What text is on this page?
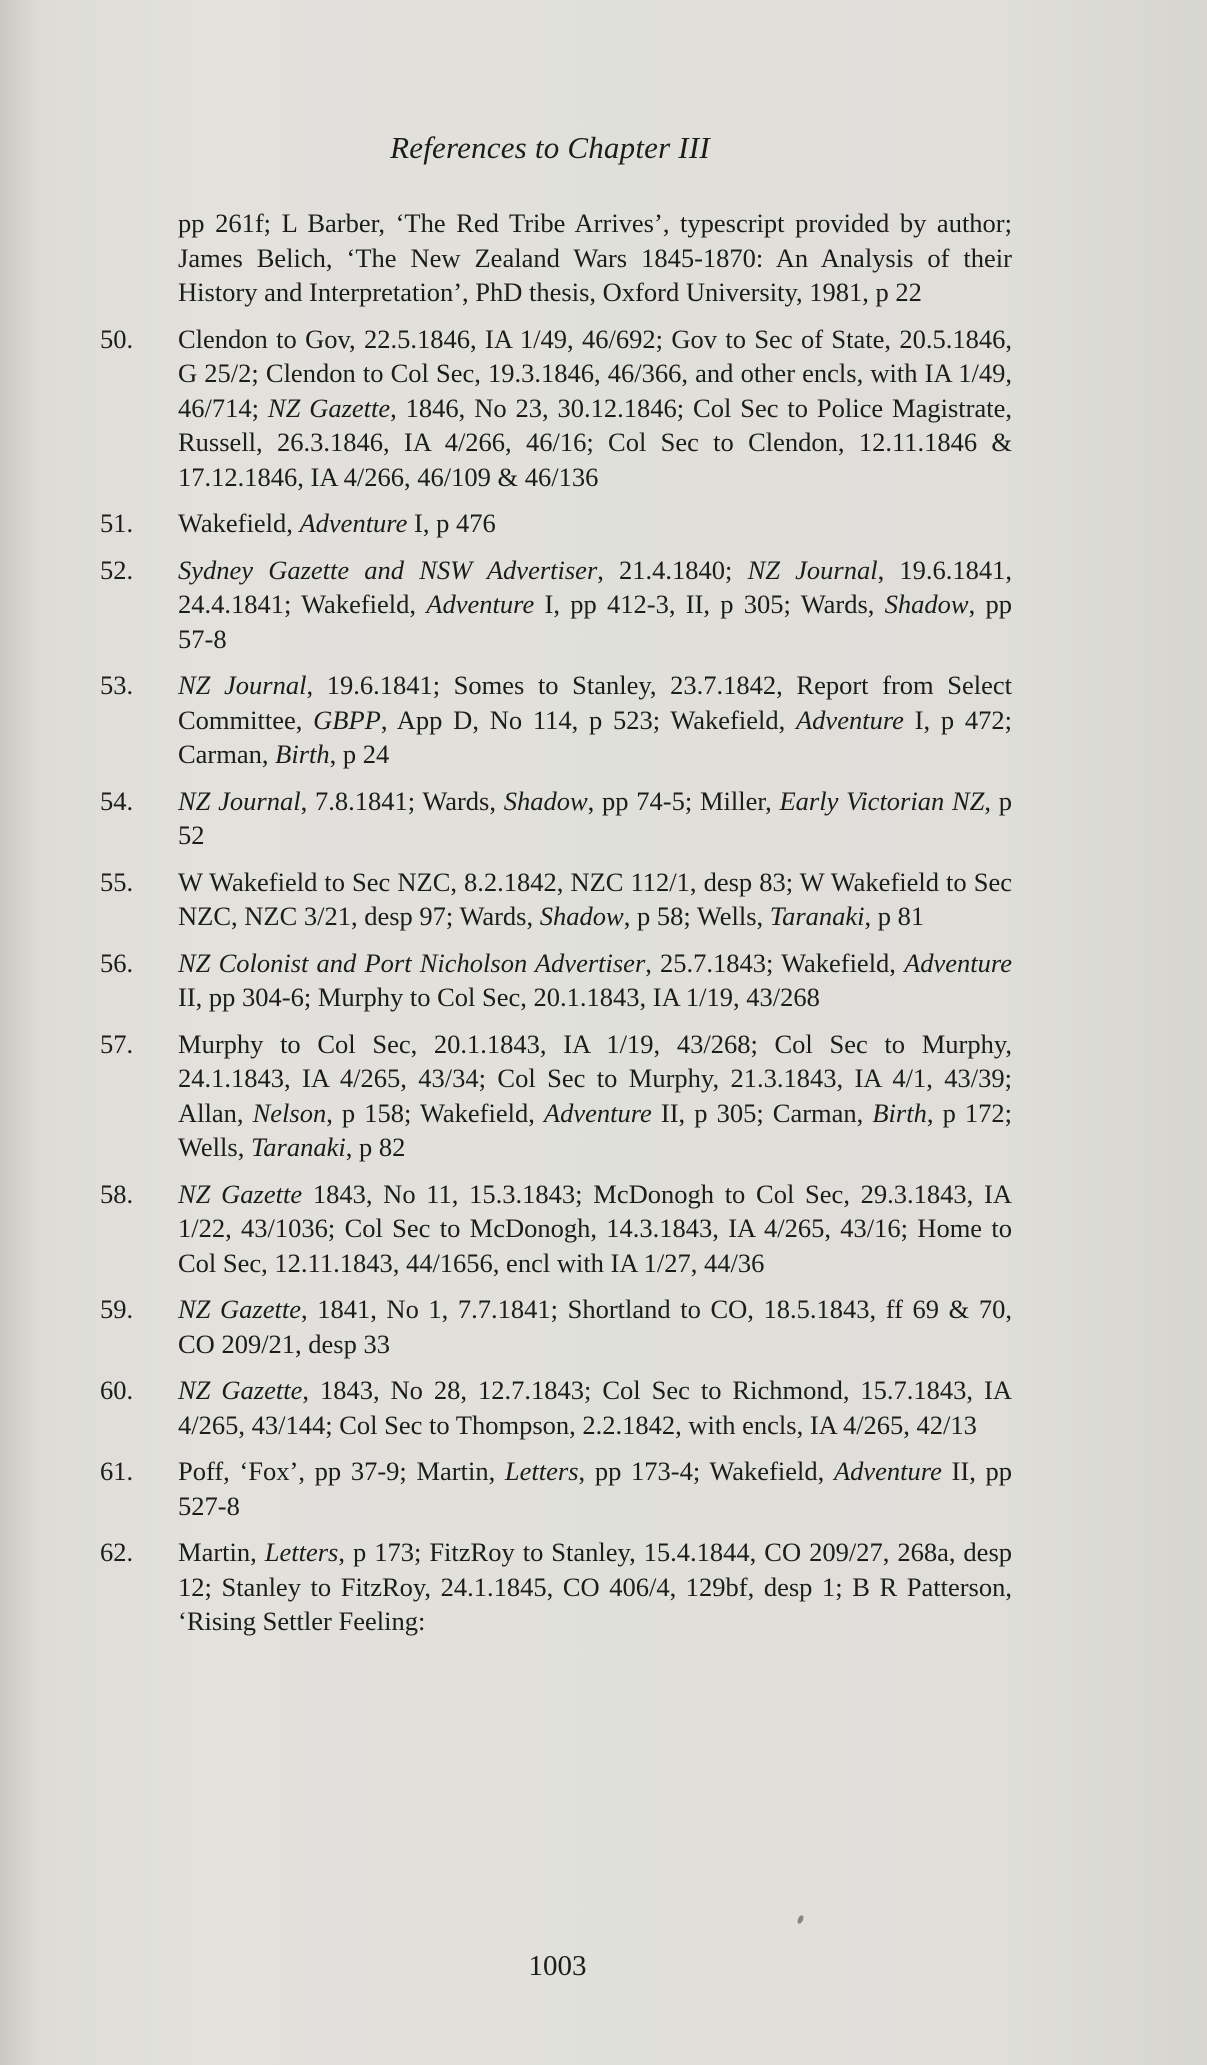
References to Chapter III
pp 261f; L Barber, ‘The Red Tribe Arrives’, typescript provided by author; James Belich, ‘The New Zealand Wars 1845-1870: An Analysis of their History and Interpretation’, PhD thesis, Oxford University, 1981, p 22
50.	Clendon to Gov, 22.5.1846, IA 1/49, 46/692; Gov to Sec of State, 20.5.1846, G 25/2; Clendon to Col Sec, 19.3.1846, 46/366, and other encls, with IA 1/49, 46/714; NZ Gazette, 1846, No 23, 30.12.1846; Col Sec to Police Magistrate, Russell, 26.3.1846, IA 4/266, 46/16; Col Sec to Clendon, 12.11.1846 & 17.12.1846, IA 4/266, 46/109 & 46/136
51.	Wakefield, Adventure I, p 476
52.	Sydney Gazette and NSW Advertiser, 21.4.1840; NZ Journal, 19.6.1841, 24.4.1841; Wakefield, Adventure I, pp 412-3, II, p 305; Wards, Shadow, pp 57-8
53.	NZ Journal, 19.6.1841; Somes to Stanley, 23.7.1842, Report from Select Committee, GBPP, App D, No 114, p 523; Wakefield, Adventure I, p 472; Carman, Birth, p 24
54.	NZ Journal, 7.8.1841; Wards, Shadow, pp 74-5; Miller, Early Victorian NZ, p 52
55.	W Wakefield to Sec NZC, 8.2.1842, NZC 112/1, desp 83; W Wakefield to Sec NZC, NZC 3/21, desp 97; Wards, Shadow, p 58; Wells, Taranaki, p 81
56.	NZ Colonist and Port Nicholson Advertiser, 25.7.1843; Wakefield, Adventure II, pp 304-6; Murphy to Col Sec, 20.1.1843, IA 1/19, 43/268
57.	Murphy to Col Sec, 20.1.1843, IA 1/19, 43/268; Col Sec to Murphy, 24.1.1843, IA 4/265, 43/34; Col Sec to Murphy, 21.3.1843, IA 4/1, 43/39; Allan, Nelson, p 158; Wakefield, Adventure II, p 305; Carman, Birth, p 172; Wells, Taranaki, p 82
58.	NZ Gazette 1843, No 11, 15.3.1843; McDonogh to Col Sec, 29.3.1843, IA 1/22, 43/1036; Col Sec to McDonogh, 14.3.1843, IA 4/265, 43/16; Home to Col Sec, 12.11.1843, 44/1656, encl with IA 1/27, 44/36
59.	NZ Gazette, 1841, No 1, 7.7.1841; Shortland to CO, 18.5.1843, ff 69 & 70, CO 209/21, desp 33
60.	NZ Gazette, 1843, No 28, 12.7.1843; Col Sec to Richmond, 15.7.1843, IA 4/265, 43/144; Col Sec to Thompson, 2.2.1842, with encls, IA 4/265, 42/13
61.	Poff, ‘Fox’, pp 37-9; Martin, Letters, pp 173-4; Wakefield, Adventure II, pp 527-8
62.	Martin, Letters, p 173; FitzRoy to Stanley, 15.4.1844, CO 209/27, 268a, desp 12; Stanley to FitzRoy, 24.1.1845, CO 406/4, 129bf, desp 1; B R Patterson, ‘Rising Settler Feeling:
1003
